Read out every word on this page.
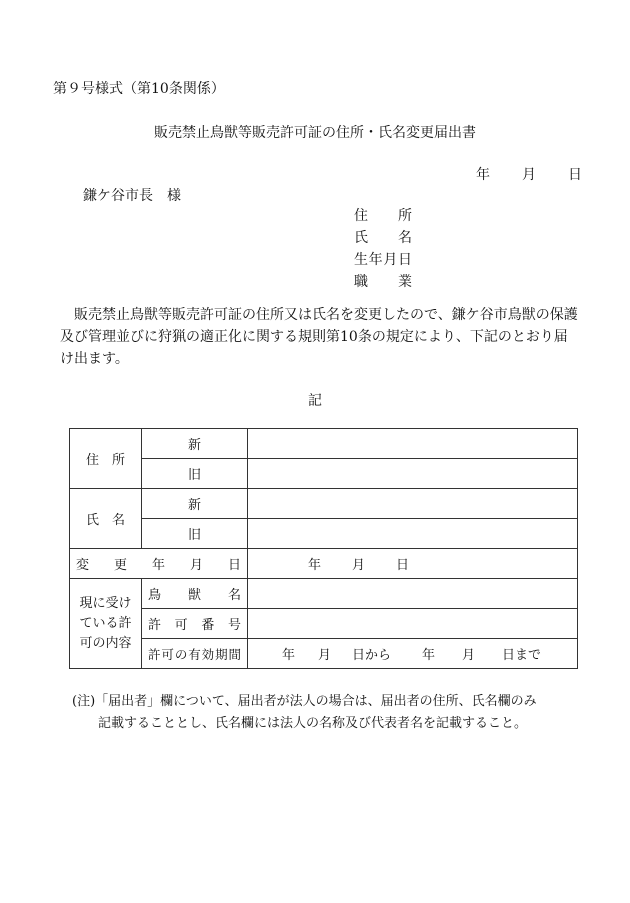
第９号様式（第10条関係）
販売禁止鳥獣等販売許可証の住所・氏名変更届出書
年 月 日
鎌ケ谷市長　様
住　所
氏　名
生年月日
職　業
販売禁止鳥獣等販売許可証の住所又は氏名を変更したので、鎌ケ谷市鳥獣の保護及び管理並びに狩猟の適正化に関する規則第10条の規定により、下記のとおり届け出ます。
記
住　所	新	
	旧	
氏　名	新	
	旧	

変　更　年　月　日		年 月 日

現に受け
ている許
可の内容	鳥　獣　名	

	許　可　番　号	

	許可の有効期間	年 月 日から 年 月 日まで
(注)「届出者」欄について、届出者が法人の場合は、届出者の住所、氏名欄のみ
記載することとし、氏名欄には法人の名称及び代表者名を記載すること。
